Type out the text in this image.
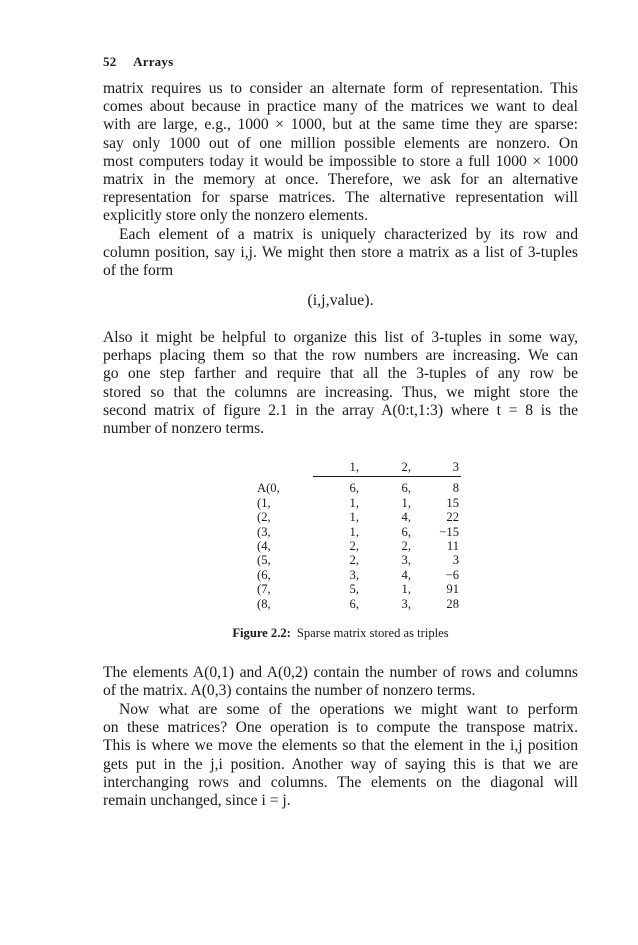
52 Arrays
matrix requires us to consider an alternate form of representation. This
comes about because in practice many of the matrices we want to deal
with are large, e.g., 1000 × 1000, but at the same time they are sparse:
say only 1000 out of one million possible elements are nonzero. On
most computers today it would be impossible to store a full 1000 × 1000
matrix in the memory at once. Therefore, we ask for an alternative
representation for sparse matrices. The alternative representation will
explicitly store only the nonzero elements.
Each element of a matrix is uniquely characterized by its row and
column position, say i,j. We might then store a matrix as a list of 3-tuples
of the form
(i,j,value).
Also it might be helpful to organize this list of 3-tuples in some way,
perhaps placing them so that the row numbers are increasing. We can
go one step farther and require that all the 3-tuples of any row be
stored so that the columns are increasing. Thus, we might store the
second matrix of figure 2.1 in the array A(0:t,1:3) where t = 8 is the
number of nonzero terms.
	1,	2,	3
A(0,	6,	6,	8
(1,	1,	1,	15
(2,	1,	4,	22
(3,	1,	6,	−15
(4,	2,	2,	11
(5,	2,	3,	3
(6,	3,	4,	−6
(7,	5,	1,	91
(8,	6,	3,	28
Figure 2.2: Sparse matrix stored as triples
The elements A(0,1) and A(0,2) contain the number of rows and columns
of the matrix. A(0,3) contains the number of nonzero terms.
Now what are some of the operations we might want to perform
on these matrices? One operation is to compute the transpose matrix.
This is where we move the elements so that the element in the i,j position
gets put in the j,i position. Another way of saying this is that we are
interchanging rows and columns. The elements on the diagonal will
remain unchanged, since i = j.
